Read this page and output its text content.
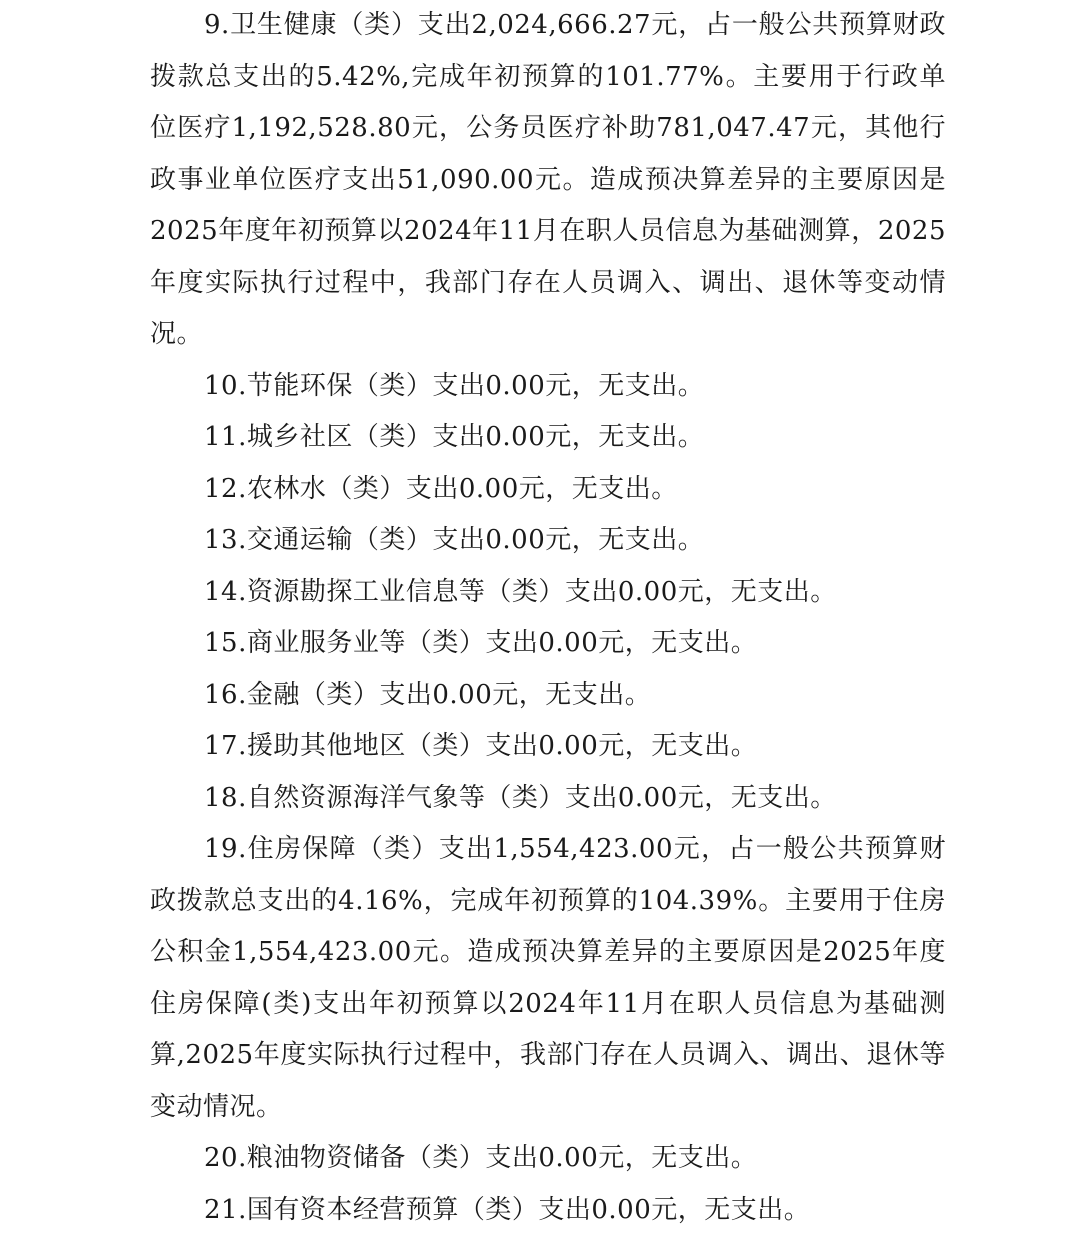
9.卫生健康（类）支出2,024,666.27元，占一般公共预算财政拨款总支出的5.42%,完成年初预算的101.77%。主要用于行政单位医疗1,192,528.80元，公务员医疗补助781,047.47元，其他行政事业单位医疗支出51,090.00元。造成预决算差异的主要原因是2025年度年初预算以2024年11月在职人员信息为基础测算，2025年度实际执行过程中，我部门存在人员调入、调出、退休等变动情况。

10.节能环保（类）支出0.00元，无支出。

11.城乡社区（类）支出0.00元，无支出。

12.农林水（类）支出0.00元，无支出。

13.交通运输（类）支出0.00元，无支出。

14.资源勘探工业信息等（类）支出0.00元，无支出。

15.商业服务业等（类）支出0.00元，无支出。

16.金融（类）支出0.00元，无支出。

17.援助其他地区（类）支出0.00元，无支出。

18.自然资源海洋气象等（类）支出0.00元，无支出。

19.住房保障（类）支出1,554,423.00元，占一般公共预算财政拨款总支出的4.16%，完成年初预算的104.39%。主要用于住房公积金1,554,423.00元。造成预决算差异的主要原因是2025年度住房保障(类)支出年初预算以2024年11月在职人员信息为基础测算,2025年度实际执行过程中，我部门存在人员调入、调出、退休等变动情况。

20.粮油物资储备（类）支出0.00元，无支出。

21.国有资本经营预算（类）支出0.00元，无支出。
